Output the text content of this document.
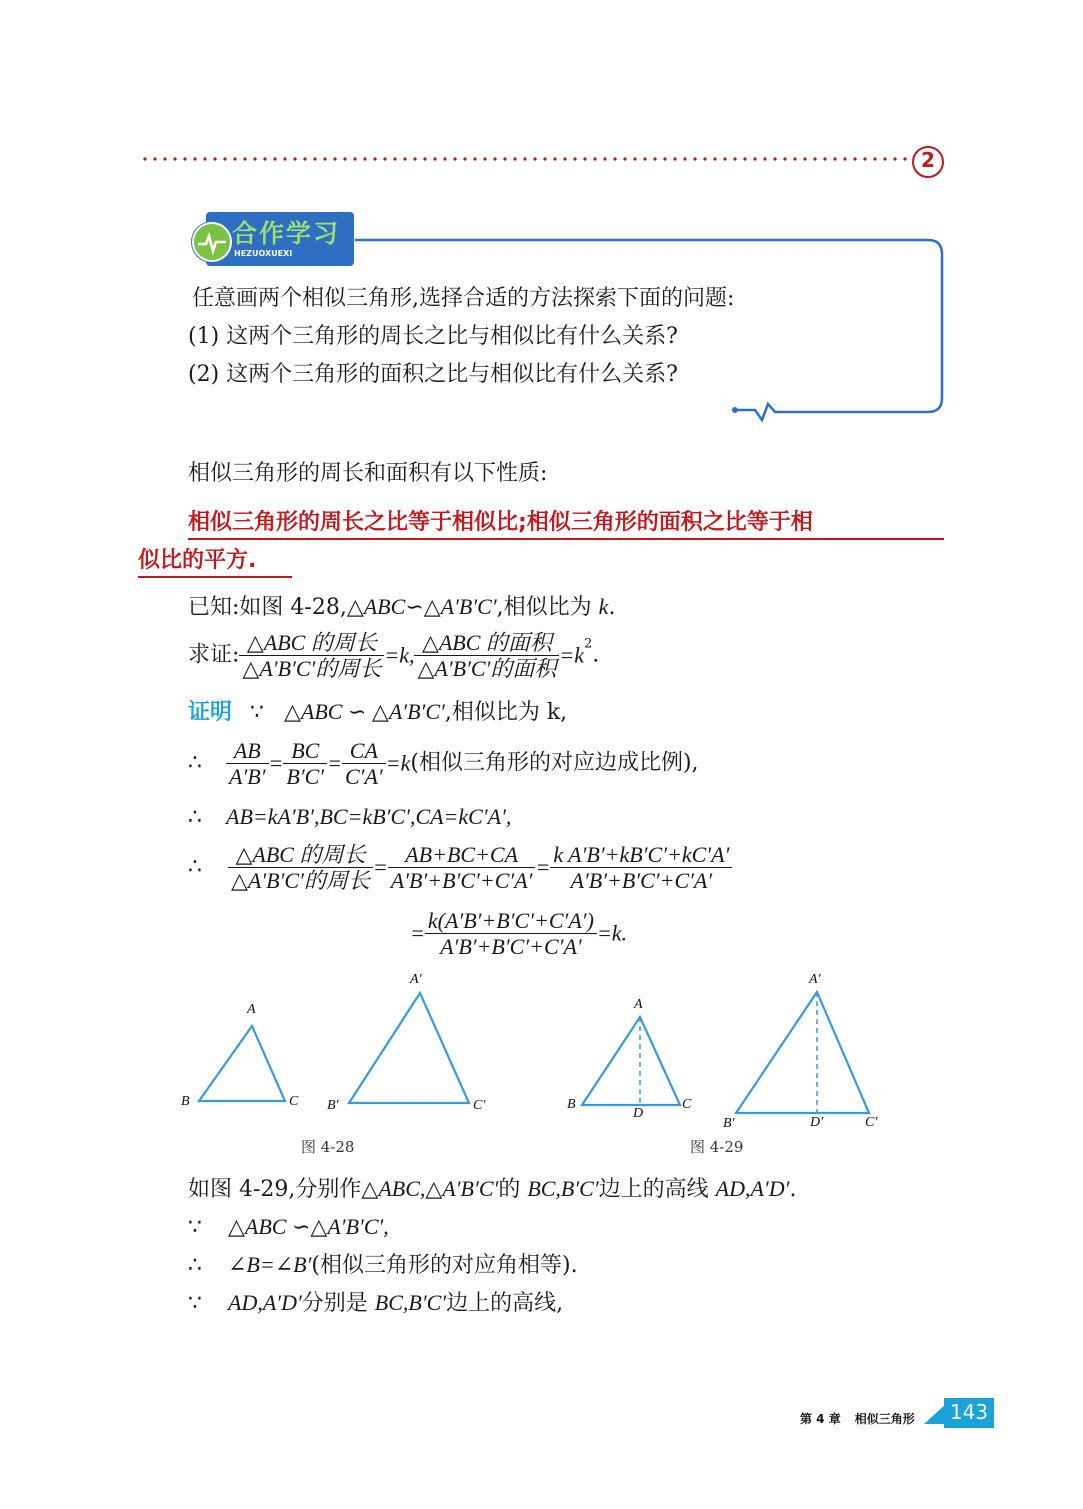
2
合作学习
HEZUOXUEXI
任意画两个相似三角形,选择合适的方法探索下面的问题:
(1) 这两个三角形的周长之比与相似比有什么关系?
(2) 这两个三角形的面积之比与相似比有什么关系?
相似三角形的周长和面积有以下性质:
相似三角形的周长之比等于相似比;相似三角形的面积之比等于相
似比的平方.
已知:如图 4-28,△ABC∽△A′B′C′,相似比为 k.
求证: $\frac{\text{△ABC 的周长}}{\text{△A′B′C′的周长}} =k$, $\frac{\text{△ABC 的面积}}{\text{△A′B′C′的面积}} =k^2$.
证明 ∵ △ABC ∽ △A′B′C′,相似比为 k,
∴ $\frac{AB}{A'B'} = \frac{BC}{B'C'} = \frac{CA}{C'A'} =k$(相似三角形的对应边成比例),
∴ AB=kA′B′,BC=kB′C′,CA=kC′A′,
∴ $\frac{\text{△ABC 的周长}}{\text{△A′B′C′的周长}} = \frac{AB+BC+CA}{A'B'+B'C'+C'A'} = \frac{\text{k A′B′+kB′C′+kC′A′}}{A'B'+B'C'+C'A'}$
= $\frac{k(A'B'+B'C'+C'A')}{A'B'+B'C'+C'A'} =k$.
A
B	C
A′
B′	C′
图 4-28
A
B	C
D
A′
B′	C′
D′
图 4-29
如图 4-29,分别作△ABC,△A′B′C′的 BC,B′C′边上的高线 AD,A′D′.
∵ △ABC ∽△A′B′C′,
∴ ∠B=∠B′(相似三角形的对应角相等).
∵ AD,A′D′分别是 BC,B′C′边上的高线,
第 4 章 相似三角形 143
